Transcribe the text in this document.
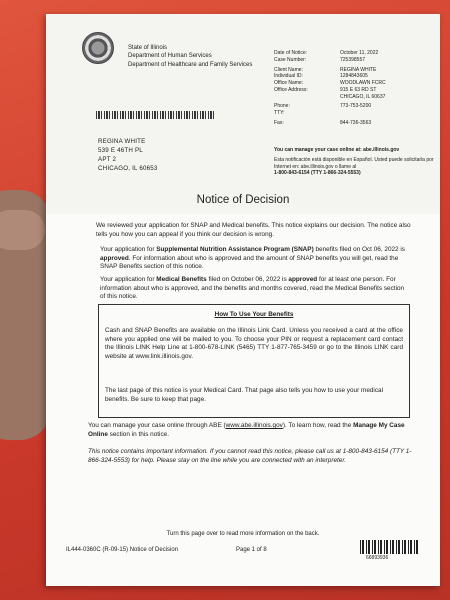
State of Illinois
Department of Human Services
Department of Healthcare and Family Services
Date of Notice:	October 11, 2022
Case Number:	725398557
Client Name:	REGINA WHITE
Individual ID:	1284843605
Office Name:	WOODLAWN FCRC
Office Address:	915 E 63 RD ST
CHICAGO, IL 60637
Phone:	773-753-5200
TTY:
Fax:	844-736-3563
REGINA WHITE
539 E 46TH PL
APT 2
CHICAGO, IL 60653
You can manage your case online at: abe.illinois.gov
Esta notificación está disponible en Español. Usted puede solicitarla por Internet en: abe.illinois.gov o llame al
1-800-843-6154 (TTY 1-866-324-5553)
Notice of Decision
We reviewed your application for SNAP and Medical benefits. This notice explains our decision. The notice also tells you how you can appeal if you think our decision is wrong.
Your application for Supplemental Nutrition Assistance Program (SNAP) benefits filed on Oct 06, 2022 is approved. For information about who is approved and the amount of SNAP benefits you will get, read the SNAP Benefits section of this notice.
Your application for Medical Benefits filed on October 06, 2022 is approved for at least one person. For information about who is approved, and the benefits and months covered, read the Medical Benefits section of this notice.
How To Use Your Benefits
Cash and SNAP Benefits are available on the Illinois Link Card. Unless you received a card at the office where you applied one will be mailed to you. To choose your PIN or request a replacement card contact the Illinois LINK Help Line at 1-800-678-LINK (5465) TTY 1-877-765-3459 or go to the Illinois LINK card website at www.link.illinois.gov.
The last page of this notice is your Medical Card. That page also tells you how to use your medical benefits. Be sure to keep that page.
You can manage your case online through ABE (www.abe.illinois.gov). To learn how, read the Manage My Case Online section in this notice.
This notice contains important information. If you cannot read this notice, please call us at 1-800-843-6154 (TTY 1-866-324-5553) for help. Please stay on the line while you are connected with an interpreter.
Turn this page over to read more information on the back.
IL444-0360C (R-09-15) Notice of Decision	Page 1 of 8
66893936
